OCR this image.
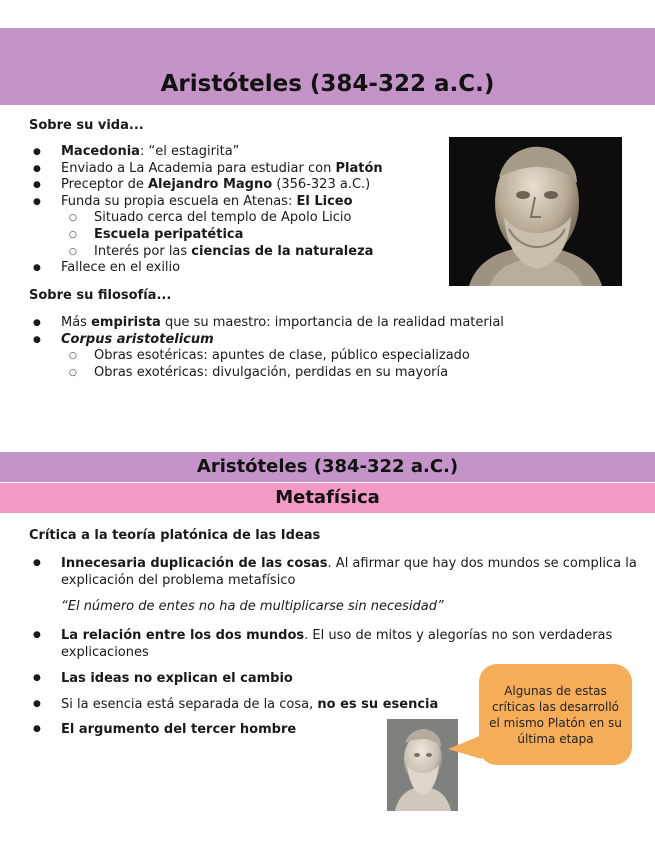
Aristóteles (384-322 a.C.)
Sobre su vida...
● Macedonia: “el estagirita”
● Enviado a La Academia para estudiar con Platón
● Preceptor de Alejandro Magno (356-323 a.C.)
● Funda su propia escuela en Atenas: El Liceo
○ Situado cerca del templo de Apolo Licio
○ Escuela peripatética
○ Interés por las ciencias de la naturaleza
● Fallece en el exilio
Sobre su filosofía...
● Más empirista que su maestro: importancia de la realidad material
● Corpus aristotelicum
○ Obras esotéricas: apuntes de clase, público especializado
○ Obras exotéricas: divulgación, perdidas en su mayoría
Aristóteles (384-322 a.C.)
Metafísica
Crítica a la teoría platónica de las Ideas
● Innecesaria duplicación de las cosas. Al afirmar que hay dos mundos se complica la
explicación del problema metafísico
“El número de entes no ha de multiplicarse sin necesidad”
● La relación entre los dos mundos. El uso de mitos y alegorías no son verdaderas
explicaciones
● Las ideas no explican el cambio
● Si la esencia está separada de la cosa, no es su esencia
● El argumento del tercer hombre
Algunas de estas críticas las desarrolló el mismo Platón en su última etapa
